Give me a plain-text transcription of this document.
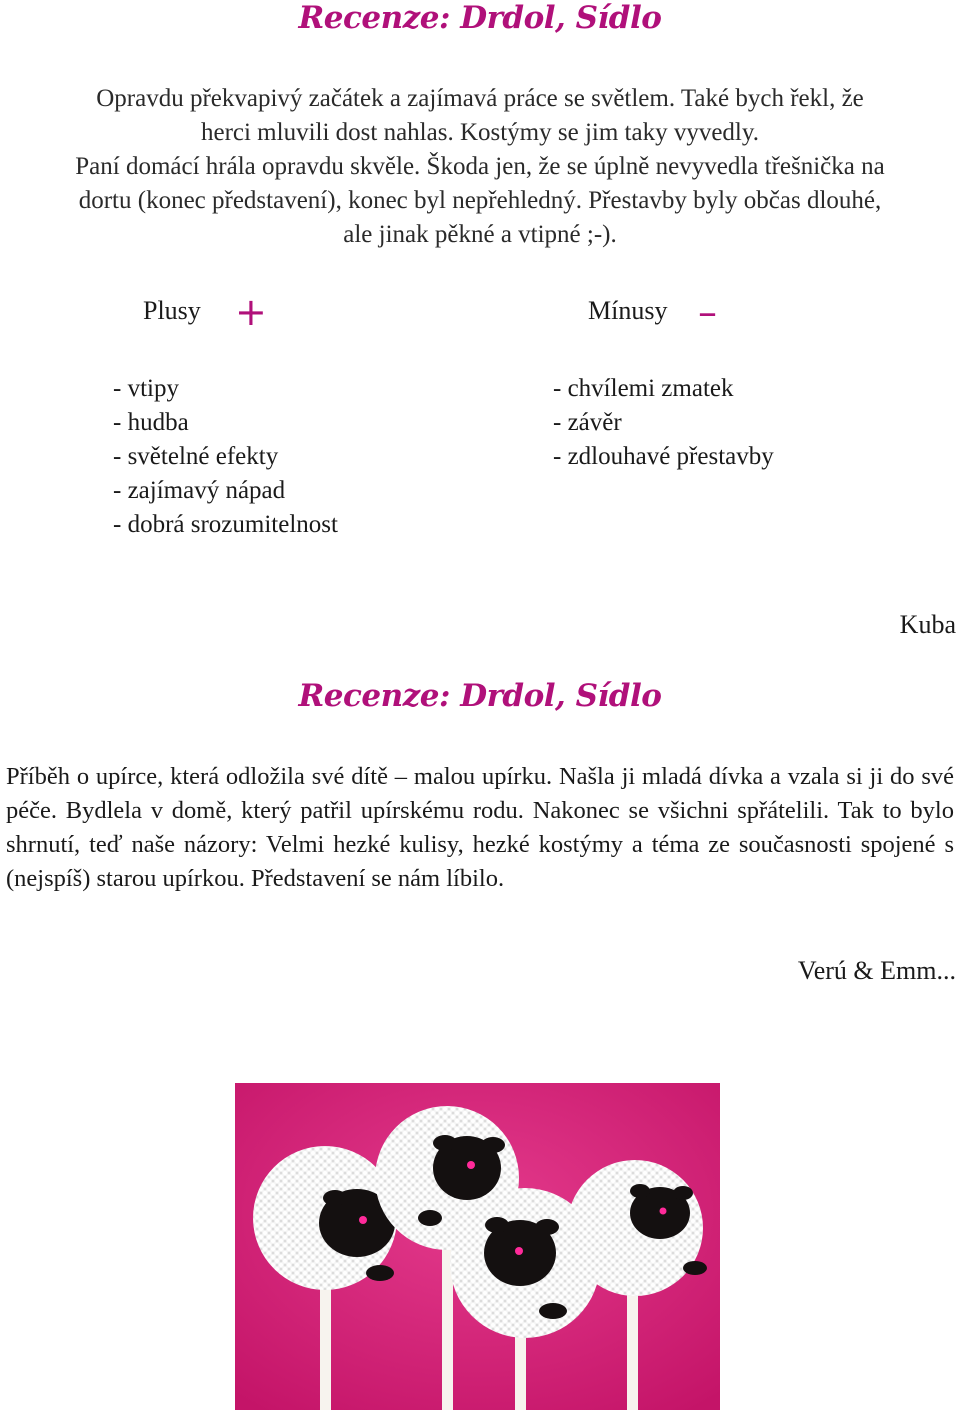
Recenze: Drdol, Sídlo
Opravdu překvapivý začátek a zajímavá práce se světlem. Také bych řekl, že
herci mluvili dost nahlas. Kostýmy se jim taky vyvedly.
Paní domácí hrála opravdu skvěle. Škoda jen, že se úplně nevyvedla třešnička na
dortu (konec představení), konec byl nepřehledný. Přestavby byly občas dlouhé,
ale jinak pěkné a vtipné ;-).
Plusy +	Mínusy –
- vtipy
- hudba
- světelné efekty
- zajímavý nápad
- dobrá srozumitelnost
- chvílemi zmatek
- závěr
- zdlouhavé přestavby
Kuba
Recenze: Drdol, Sídlo
Příběh o upírce, která odložila své dítě – malou upírku. Našla ji mladá dívka a vzala si ji do své péče. Bydlela v domě, který patřil upírskému rodu. Nakonec se všichni spřátelili. Tak to bylo shrnutí, teď naše názory: Velmi hezké kulisy, hezké kostýmy a téma ze současnosti spojené s (nejspíš) starou upírkou. Představení se nám líbilo.
Verú & Emm...
